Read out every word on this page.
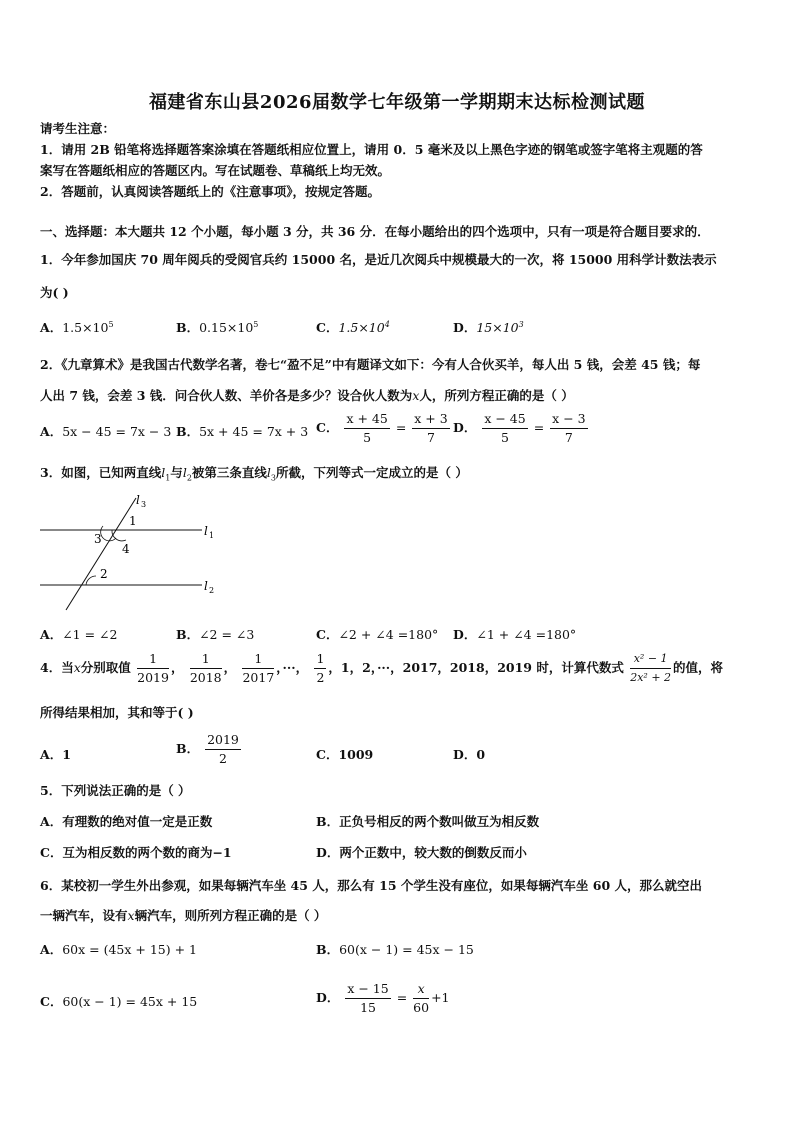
福建省东山县2026届数学七年级第一学期期末达标检测试题
请考生注意：
1．请用 2B 铅笔将选择题答案涂填在答题纸相应位置上，请用 0．5 毫米及以上黑色字迹的钢笔或签字笔将主观题的答
案写在答题纸相应的答题区内。写在试题卷、草稿纸上均无效。
2．答题前，认真阅读答题纸上的《注意事项》，按规定答题。
一、选择题：本大题共 12 个小题，每小题 3 分，共 36 分．在每小题给出的四个选项中，只有一项是符合题目要求的．
1．今年参加国庆 70 周年阅兵的受阅官兵约 15000 名，是近几次阅兵中规模最大的一次，将 15000 用科学计数法表示
为( )
A．$1.5\times 10^5$	B．$0.15\times 10^5$	C．$1.5\times 10^4$	D．$15\times 10^3$
2．《九章算术》是我国古代数学名著，卷七“盈不足”中有题译文如下：今有人合伙买羊，每人出 5 钱，会差 45 钱；每
人出 7 钱，会差 3 钱．问合伙人数、羊价各是多少？设合伙人数为x人，所列方程正确的是（ ）
A．5x − 45 = 7x − 3 B．5x + 45 = 7x + 3 C． $\frac{x + 45}{5} = \frac{x + 3}{7}$ D． $\frac{x - 45}{5} = \frac{x - 3}{7}$
3．如图，已知两直线$l_1$与$l_2$被第三条直线$l_3$所截，下列等式一定成立的是（ ）
l 3
l 1
l 2
1
3
4
2
A．∠1 = ∠2	B．∠2 = ∠3	C．∠2 + ∠4 =180° D．∠1 + ∠4 =180°
4．当x分别取值 $\frac{1}{2019}$ ， $\frac{1}{2018}$ ， $\frac{1}{2017}$ ，···， $\frac{1}{2}$ ，1，2，···，2017，2018，2019 时，计算代数式 $\frac{\text{x² − 1}}{\text{2x² + 2}}$ 的值，将
所得结果相加，其和等于( )
A．1	B． $\frac{2019}{2}$	C．1009	D．0
5．下列说法正确的是（ ）
A．有理数的绝对值一定是正数	B．正负号相反的两个数叫做互为相反数
C．互为相反数的两个数的商为−1	D．两个正数中，较大数的倒数反而小
6．某校初一学生外出参观，如果每辆汽车坐 45 人，那么有 15 个学生没有座位，如果每辆汽车坐 60 人，那么就空出
一辆汽车，设有x辆汽车，则所列方程正确的是（ ）
A．60x = (45x + 15) + 1	B．60(x − 1) = 45x − 15
C．60(x − 1) = 45x + 15	D． $\frac{x - 15}{15} = \frac{x}{60} +1$
